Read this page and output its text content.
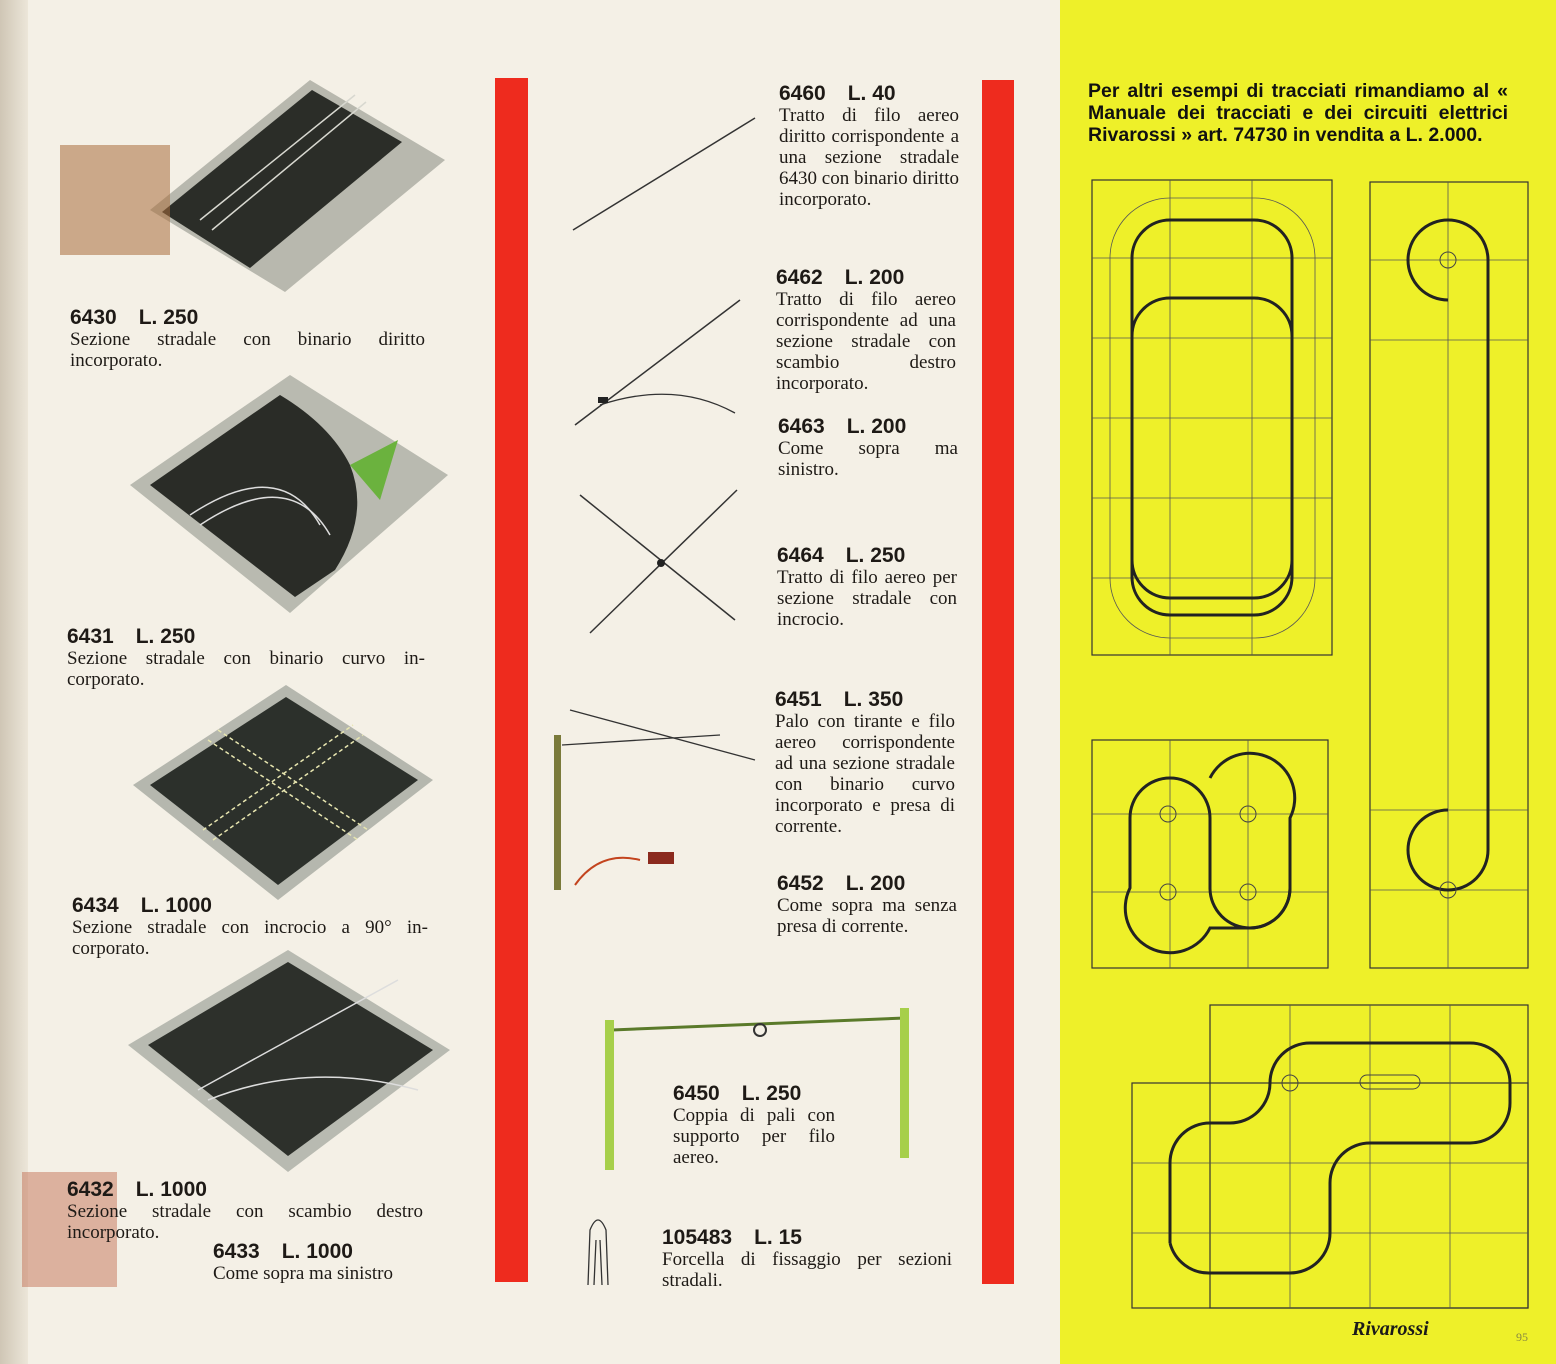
6430 L. 250
Sezione stradale con binario diritto incorporato.
6431 L. 250
Sezione stradale con binario curvo in-corporato.
6434 L. 1000
Sezione stradale con incrocio a 90° in-corporato.
6432 L. 1000
Sezione stradale con scambio destro incorporato.
6433 L. 1000
Come sopra ma sinistro
6460 L. 40
Tratto di filo aereo diritto corrispondente a una sezione stradale 6430 con binario diritto incorporato.
6462 L. 200
Tratto di filo aereo corrispondente ad una sezione stradale con scambio destro incorporato.
6463 L. 200
Come sopra ma sinistro.
6464 L. 250
Tratto di filo aereo per sezione stradale con incrocio.
6451 L. 350
Palo con tirante e filo aereo corrispondente ad una sezione stradale con binario curvo incorporato e presa di corrente.
6452 L. 200
Come sopra ma senza presa di corrente.
6450 L. 250
Coppia di pali con supporto per filo aereo.
105483 L. 15
Forcella di fissaggio per sezioni stradali.
Per altri esempi di tracciati rimandiamo al « Manuale dei tracciati e dei circuiti elettrici Rivarossi » art. 74730 in vendita a L. 2.000.
Rivarossi	95
